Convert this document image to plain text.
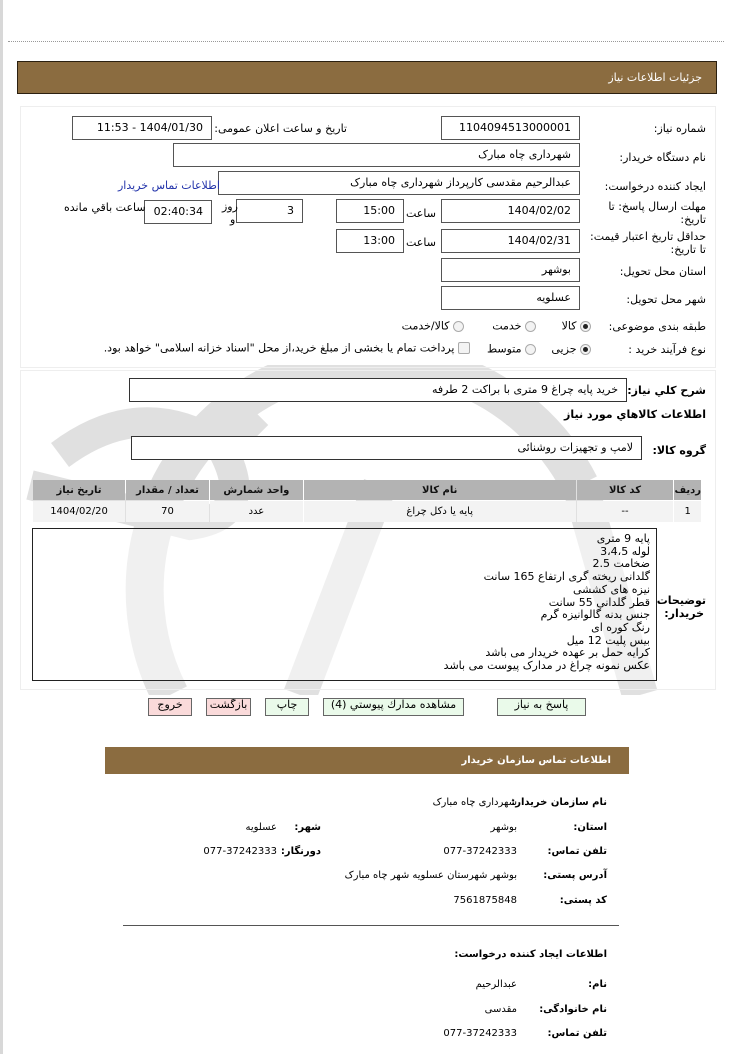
جزئیات اطلاعات نیاز
شماره نیاز:
1104094513000001
تاریخ و ساعت اعلان عمومی:
1404/01/30 - 11:53
نام دستگاه خریدار:
شهرداری چاه مبارک
ایجاد کننده درخواست:
عبدالرحیم مقدسی کارپرداز شهرداری چاه مبارک
اطلاعات تماس خریدار
مهلت ارسال پاسخ: تا
تاریخ:
1404/02/02
ساعت
15:00
3
روز
و
02:40:34
ساعت باقي مانده
حداقل تاریخ اعتبار قیمت:
تا تاریخ:
1404/02/31
ساعت
13:00
استان محل تحویل:
بوشهر
شهر محل تحویل:
عسلویه
طبقه بندی موضوعی:
کالا
خدمت
کالا/خدمت
نوع فرآیند خرید :
جزیی
متوسط
پرداخت تمام یا بخشی از مبلغ خرید،از محل "اسناد خزانه اسلامی" خواهد بود.
شرح کلي نیاز:
خرید پایه چراغ 9 متری با براکت 2 طرفه
اطلاعات کالاهاي مورد نیاز
گروه کالا:
لامپ و تجهیزات روشنائی
ردیف	کد کالا	نام کالا	واحد شمارش	تعداد / مقدار	تاریخ نیاز
1	--	پایه یا دکل چراغ	عدد	70	1404/02/20
توضیحات
خریدار:
پایه 9 متری
لوله 3،4،5
ضخامت 2.5
گلدانی ریخته گری ارتفاع 165 سانت
نیزه های کششی
قطر گلدانی 55 سانت
جنس بدنه گالوانیزه گرم
رنگ کوره ای
بیس پلیت 12 میل
کرایه حمل بر عهده خریدار می باشد
عکس نمونه چراغ در مدارک پیوست می باشد
پاسخ به نیاز
مشاهده مدارك پیوستي (4)
چاپ
بازگشت
خروج
اطلاعات تماس سازمان خریدار
نام سازمان خریدار:
شهرداری چاه مبارک
استان:
بوشهر
شهر:
عسلویه
تلفن تماس:
077-37242333
دورنگار:
077-37242333
آدرس پستی:
بوشهر شهرستان عسلویه شهر چاه مبارک
کد پستی:
7561875848
اطلاعات ایجاد کننده درخواست:
نام:
عبدالرحیم
نام خانوادگی:
مقدسی
تلفن تماس:
077-37242333
